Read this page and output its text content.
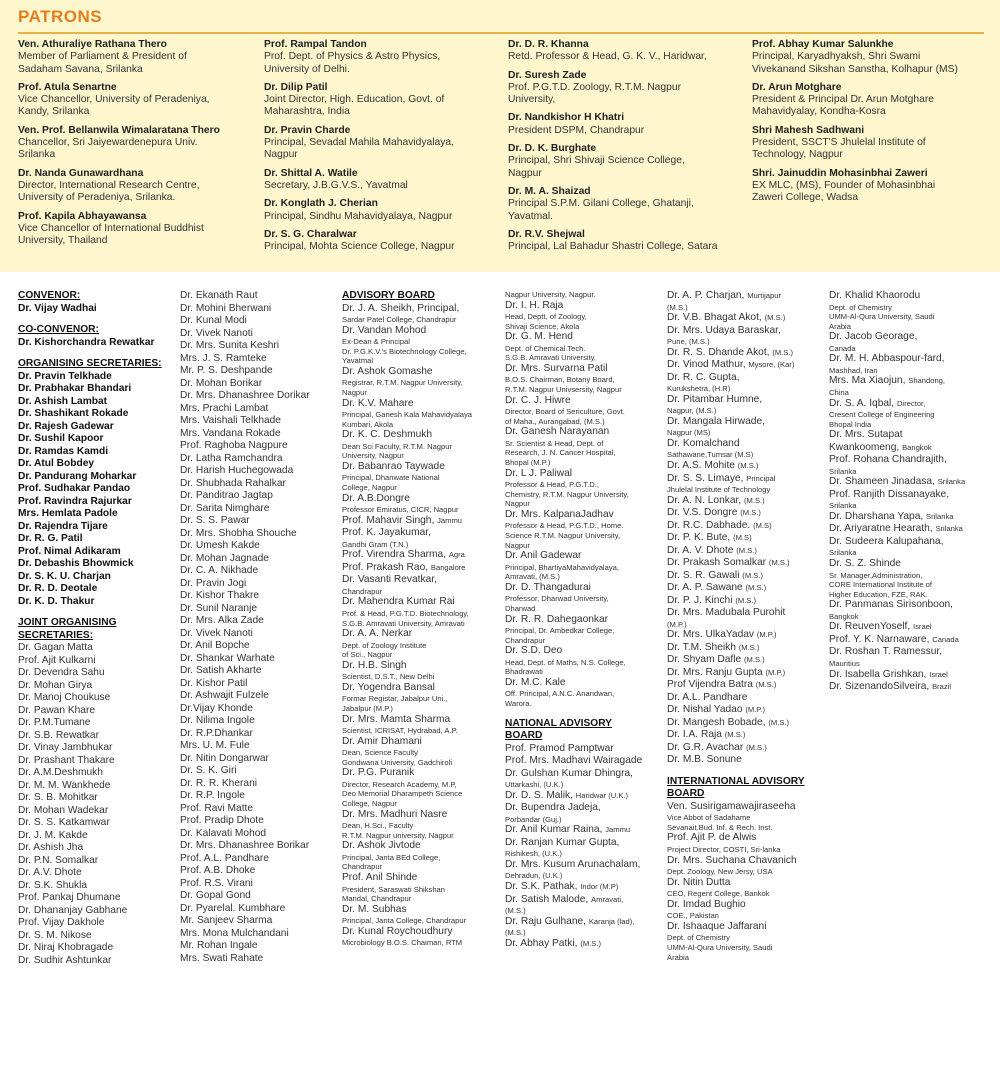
PATRONS
Ven. Athuraliye Rathana Thero
Member of Parliament & President of
Sadaham Savana, Srilanka
Prof. Atula Senartne
Vice Chancellor, University of Peradeniya,
Kandy, Srilanka
Ven. Prof. Bellanwila Wimalaratana Thero
Chancellor, Sri Jaiyewardenepura Univ.
Srilanka
Dr. Nanda Gunawardhana
Director, International Research Centre,
University of Peradeniya, Srilanka.
Prof. Kapila Abhayawansa
Vice Chancellor of International Buddhist
University, Thailand
Prof. Rampal Tandon
Prof. Dept. of Physics & Astro Physics,
University of Delhi.
Dr. Dilip Patil
Joint Director, High. Education, Govt. of
Maharashtra, India
Dr. Pravin Charde
Principal, Sevadal Mahila Mahavidyalaya,
Nagpur
Dr. Shittal A. Watile
Secretary, J.B.G.V.S., Yavatmal
Dr. Konglath J. Cherian
Principal, Sindhu Mahavidyalaya, Nagpur
Dr. S. G. Charalwar
Principal, Mohta Science College, Nagpur
Dr. D. R. Khanna
Retd. Professor & Head, G. K. V., Haridwar,
Dr. Suresh Zade
Prof. P.G.T.D. Zoology, R.T.M. Nagpur
University,
Dr. Nandkishor H Khatri
President DSPM, Chandrapur
Dr. D. K. Burghate
Principal, Shri Shivaji Science College,
Nagpur
Dr. M. A. Shaizad
Principal S.P.M. Gilani College, Ghatanji,
Yavatmal.
Dr. R.V. Shejwal
Principal, Lal Bahadur Shastri College, Satara
Prof. Abhay Kumar Salunkhe
Principal, Karyadhyaksh, Shri Swami
Vivekanand Sikshan Sanstha, Kolhapur (MS)
Dr. Arun Motghare
President & Principal Dr. Arun Motghare
Mahavidyalay, Kondha-Kosra
Shri Mahesh Sadhwani
President, SSCT'S Jhulelal Institute of
Technology, Nagpur
Shri. Jainuddin Mohasinbhai Zaweri
EX MLC, (MS), Founder of Mohasinbhai
Zaweri College, Wadsa
CONVENOR:
Dr. Vijay Wadhai
CO-CONVENOR:
Dr. Kishorchandra Rewatkar
ORGANISING SECRETARIES:
Dr. Pravin Telkhade
Dr. Prabhakar Bhandari
Dr. Ashish Lambat
Dr. Shashikant Rokade
Dr. Rajesh Gadewar
Dr. Sushil Kapoor
Dr. Ramdas Kamdi
Dr. Atul Bobdey
Dr. Pandurang Moharkar
Prof. Sudhakar Pandao
Prof. Ravindra Rajurkar
Mrs. Hemlata Padole
Dr. Rajendra Tijare
Dr. R. G. Patil
Prof. Nimal Adikaram
Dr. Debashis Bhowmick
Dr. S. K. U. Charjan
Dr. R. D. Deotale
Dr. K. D. Thakur
JOINT ORGANISING
SECRETARIES:
Dr. Gagan Matta
Prof. Ajit Kulkarni
Dr. Devendra Sahu
Dr. Mohan Girya
Dr. Manoj Choukuse
Dr. Pawan Khare
Dr. P.M.Tumane
Dr. S.B. Rewatkar
Dr. Vinay Jambhukar
Dr. Prashant Thakare
Dr. A.M.Deshmukh
Dr. M. M. Wankhede
Dr. S. B. Mohitkar
Dr. Mohan Wadekar
Dr. S. S. Katkamwar
Dr. J. M. Kakde
Dr. Ashish Jha
Dr. P.N. Somalkar
Dr. A.V. Dhote
Dr. S.K. Shukla
Prof. Pankaj Dhumane
Dr. Dhananjay Gabhane
Prof. Vijay Dakhole
Dr. S. M. Nikose
Dr. Niraj Khobragade
Dr. Sudhir Ashtunkar
Dr. Ekanath Raut
Dr. Mohini Bherwani
Dr. Kunal Modi
Dr. Vivek Nanoti
Dr. Mrs. Sunita Keshri
Mrs. J. S. Ramteke
Mr. P. S. Deshpande
Dr. Mohan Borikar
Dr. Mrs. Dhanashree Dorikar
Mrs. Prachi Lambat
Mrs. Vaishali Telkhade
Mrs. Vandana Rokade
Prof. Raghoba Nagpure
Dr. Latha Ramchandra
Dr. Harish Huchegowada
Dr. Shubhada Rahalkar
Dr. Panditrao Jagtap
Dr. Sarita Nimghare
Dr. S. S. Pawar
Dr. Mrs. Shobha Shouche
Dr. Umesh Kakde
Dr. Mohan Jagnade
Dr. C. A. Nikhade
Dr. Pravin Jogi
Dr. Kishor Thakre
Dr. Sunil Naranje
Dr. Mrs. Alka Zade
Dr. Vivek Nanoti
Dr. Anil Bopche
Dr. Shankar Warhate
Dr. Satish Akharte
Dr. Kishor Patil
Dr. Ashwajit Fulzele
Dr.Vijay Khonde
Dr. Nilima Ingole
Dr. R.P.Dhankar
Mrs. U. M. Fule
Dr. Nitin Dongarwar
Dr. S. K. Giri
Dr. R. R. Kherani
Dr. R.P. Ingole
Prof. Ravi Matte
Prof. Pradip Dhote
Dr. Kalavati Mohod
Dr. Mrs. Dhanashree Borikar
Prof. A.L. Pandhare
Prof. A.B. Dhoke
Prof. R.S. Virani
Dr. Gopal Gond
Dr. Pyarelal. Kumbhare
Mr. Sanjeev Sharma
Mrs. Mona Mulchandani
Mr. Rohan Ingale
Mrs. Swati Rahate
ADVISORY BOARD
Dr. J. A. Sheikh, Principal,
Sardar Patel College, Chandrapur
Dr. Vandan Mohod
Ex-Dean & Principal
Dr. P.G.K.V.'s Biotechnology College,
Yavatmal
Dr. Ashok Gomashe
Registrar, R.T.M. Nagpur University,
Nagpur
Dr. K.V. Mahare
Principal, Ganesh Kala Mahavidyalaya
Kumbari, Akola
Dr. K. C. Deshmukh
Dean Sci Faculty, R.T.M. Nagpur
University, Nagpur
Dr. Babanrao Taywade
Principal, Dhanwate National
College, Nagpur
Dr. A.B.Dongre
Professor Emiratus, CICR, Nagpur
Prof. Mahavir Singh, Jammu
Prof. K. Jayakumar,
Gandhi Gram (T.N.)
Prof. Virendra Sharma, Agra
Prof. Prakash Rao, Bangalore
Dr. Vasanti Revatkar,
Chandrapur
Dr. Mahendra Kumar Rai
Prof. & Head, P.G.T.D. Biotechnology,
S.G.B. Amravati University, Amravati
Dr. A. A. Nerkar
Dept. of Zoology Institute
of Sci., Nagpur
Dr. H.B. Singh
Scientist, D.S.T., New Delhi
Dr. Yogendra Bansal
Formar Registar, Jabalpur Uni.,
Jabalpur (M.P.)
Dr. Mrs. Mamta Sharma
Scientist, ICRISAT, Hydrabad, A.P.
Dr. Amir Dhamani
Dean, Science Faculty
Gondwana University, Gadchiroli
Dr. P.G. Puranik
Director, Research Academy, M.P,
Deo Memorial Dharampeth Science
College, Nagpur
Dr. Mrs. Madhuri Nasre
Dean, H.Sci., Faculty
R.T.M. Nagpur university, Nagpur
Dr. Ashok Jivtode
Principal, Janta BEd College,
Chandrapur
Prof. Anil Shinde
President, Saraswati Shikshan
Mandal, Chandrapur
Dr. M. Subhas
Principal, Janta College, Chandrapur
Dr. Kunal Roychoudhury
Microbiology B.O.S. Chaiman, RTM
Nagpur University, Nagpur.
Dr. I. H. Raja
Head, Deptt, of Zoology,
Shivaji Science, Akola
Dr. G. M. Hend
Dept. of Chemical Tech.
S.G.B. Amravati University,
Dr. Mrs. Survarna Patil
B.O.S. Chairman, Botany Board,
R.T.M. Nagpur Univsersity, Nagpur
Dr. C. J. Hiwre
Director, Board of Sericulture, Govt.
of Maha., Aurangabad, (M.S.)
Dr. Ganesh Narayanan
Sr. Scientist & Head, Dept. of
Research, J. N. Cancer Hospital,
Bhopal (M.P.)
Dr. L J. Paliwal
Professor & Head, P.G.T.D.,
Chemistry, R.T.M. Nagpur University,
Nagpur
Dr. Mrs. KalpanaJadhav
Professor & Head, P.G.T.D., Home.
Science R.T.M. Nagpur University,
Nagpur
Dr. Anil Gadewar
Principal, BhartiyaMahavidyalaya,
Amravati, (M.S.)
Dr. D. Thangadurai
Professor, Dharwad University,
Dharwad
Dr. R. R. Dahegaonkar
Principal, Dr. Ambedkar College,
Chandrapur
Dr. S.D. Deo
Head, Dept. of Maths, N.S. College,
Bhadrawati
Dr. M.C. Kale
Off. Principal, A.N.C. Anandwan,
Warora.
NATIONAL ADVISORY
BOARD
Prof. Pramod Pamptwar
Prof. Mrs. Madhavi Wairagade
Dr. Gulshan Kumar Dhingra,
Uttarkashi, (U.K.)
Dr. D. S. Malik, Haridwar (U.K.)
Dr. Bupendra Jadeja,
Porbandar (Guj.)
Dr. Anil Kumar Raina, Jammu
Dr. Ranjan Kumar Gupta,
Rishikesh, (U.K.)
Dr. Mrs. Kusum Arunachalam,
Dehradun, (U.K.)
Dr. S.K. Pathak, Indor (M.P)
Dr. Satish Malode, Amravati,
(M.S.)
Dr. Raju Gulhane, Karanja (lad),
(M.S.)
Dr. Abhay Patki, (M.S.)
Dr. A. P. Charjan, Murtijapur
(M.S.)
Dr. V.B. Bhagat Akot, (M.S.)
Dr. Mrs. Udaya Baraskar,
Pune, (M.S.)
Dr. R. S. Dhande Akot, (M.S.)
Dr. Vinod Mathur, Mysore, (Kar)
Dr. R. C. Gupta,
Kurukshetra, (H.R)
Dr. Pitambar Humne,
Nagpur, (M.S.)
Dr. Mangala Hirwade,
Nagpur (MS)
Dr. Komalchand
Sathawane,Tumsar (M.S)
Dr. A.S. Mohite (M.S.)
Dr. S. S. Limaye, Principal
Jhulelal Institute of Technology
Dr. A. N. Lonkar, (M.S.)
Dr. V.S. Dongre (M.S.)
Dr. R.C. Dabhade. (M.S)
Dr. P. K. Bute, (M.S)
Dr. A. V. Dhote (M.S.)
Dr. Prakash Somalkar (M.S.)
Dr. S. R. Gawali (M.S.)
Dr. A. P. Sawane (M.S.)
Dr. P. J. Kinchi (M.S.)
Dr. Mrs. Madubala Purohit
(M.P.)
Dr. Mrs. UlkaYadav (M.P.)
Dr. T.M. Sheikh (M.S.)
Dr. Shyam Dafle (M.S.)
Dr. Mrs. Ranju Gupta (M.P.)
Prof Vijendra Batra (M.S.)
Dr. A.L. Pandhare
Dr. Nishal Yadao (M.P.)
Dr. Mangesh Bobade, (M.S.)
Dr. I.A. Raja (M.S.)
Dr. G.R. Avachar (M.S.)
Dr. M.B. Sonune
INTERNATIONAL ADVISORY
BOARD
Ven. Susirigamawajiraseeha
Vice Abbot of Sadahame
Sevanait.Bud. Inf. & Rech. Inst.
Prof. Ajit P. de Alwis
Project Director, COSTI, Sri-lanka
Dr. Mrs. Suchana Chavanich
Dept. Zoology, New Jersy, USA
Dr. Nitin Dutta
CEO, Regent College, Bankok
Dr. Imdad Bughio
COE., Pakistan
Dr. Ishaaque Jaffarani
Dept. of Chemistry
UMM-Al-Qura University, Saudi
Arabia
Dr. Khalid Khaorodu
Dept. of Chemistry
UMM-Al-Qura University, Saudi
Arabia
Dr. Jacob Georage,
Canada
Dr. M. H. Abbaspour-fard,
Mashhad, Iran
Mrs. Ma Xiaojun, Shandong,
China
Dr. S. A. Iqbal, Director,
Cresent College of Engineering
Bhopal India
Dr. Mrs. Sutapat
Kwankoomeng, Bangkok
Prof. Rohana Chandrajith,
Srilanka
Dr. Shameen Jinadasa, Srilanka
Prof. Ranjith Dissanayake,
Srilanka
Dr. Dharshana Yapa, Srilanka
Dr. Ariyaratne Hearath, Srilanka
Dr. Sudeera Kalupahana,
Srilanka
Dr. S. Z. Shinde
Sr. Manager,Administration,
CORE International Institute of
Higher Education, FZE, RAK.
Dr. Panmanas Sirisonboon,
Bangkok
Dr. ReuvenYoself, Israel
Prof. Y. K. Narnaware, Canada
Dr. Roshan T. Ramessur,
Mauritius
Dr. Isabella Grishkan, Israel
Dr. SizenandoSilveira, Brazil
